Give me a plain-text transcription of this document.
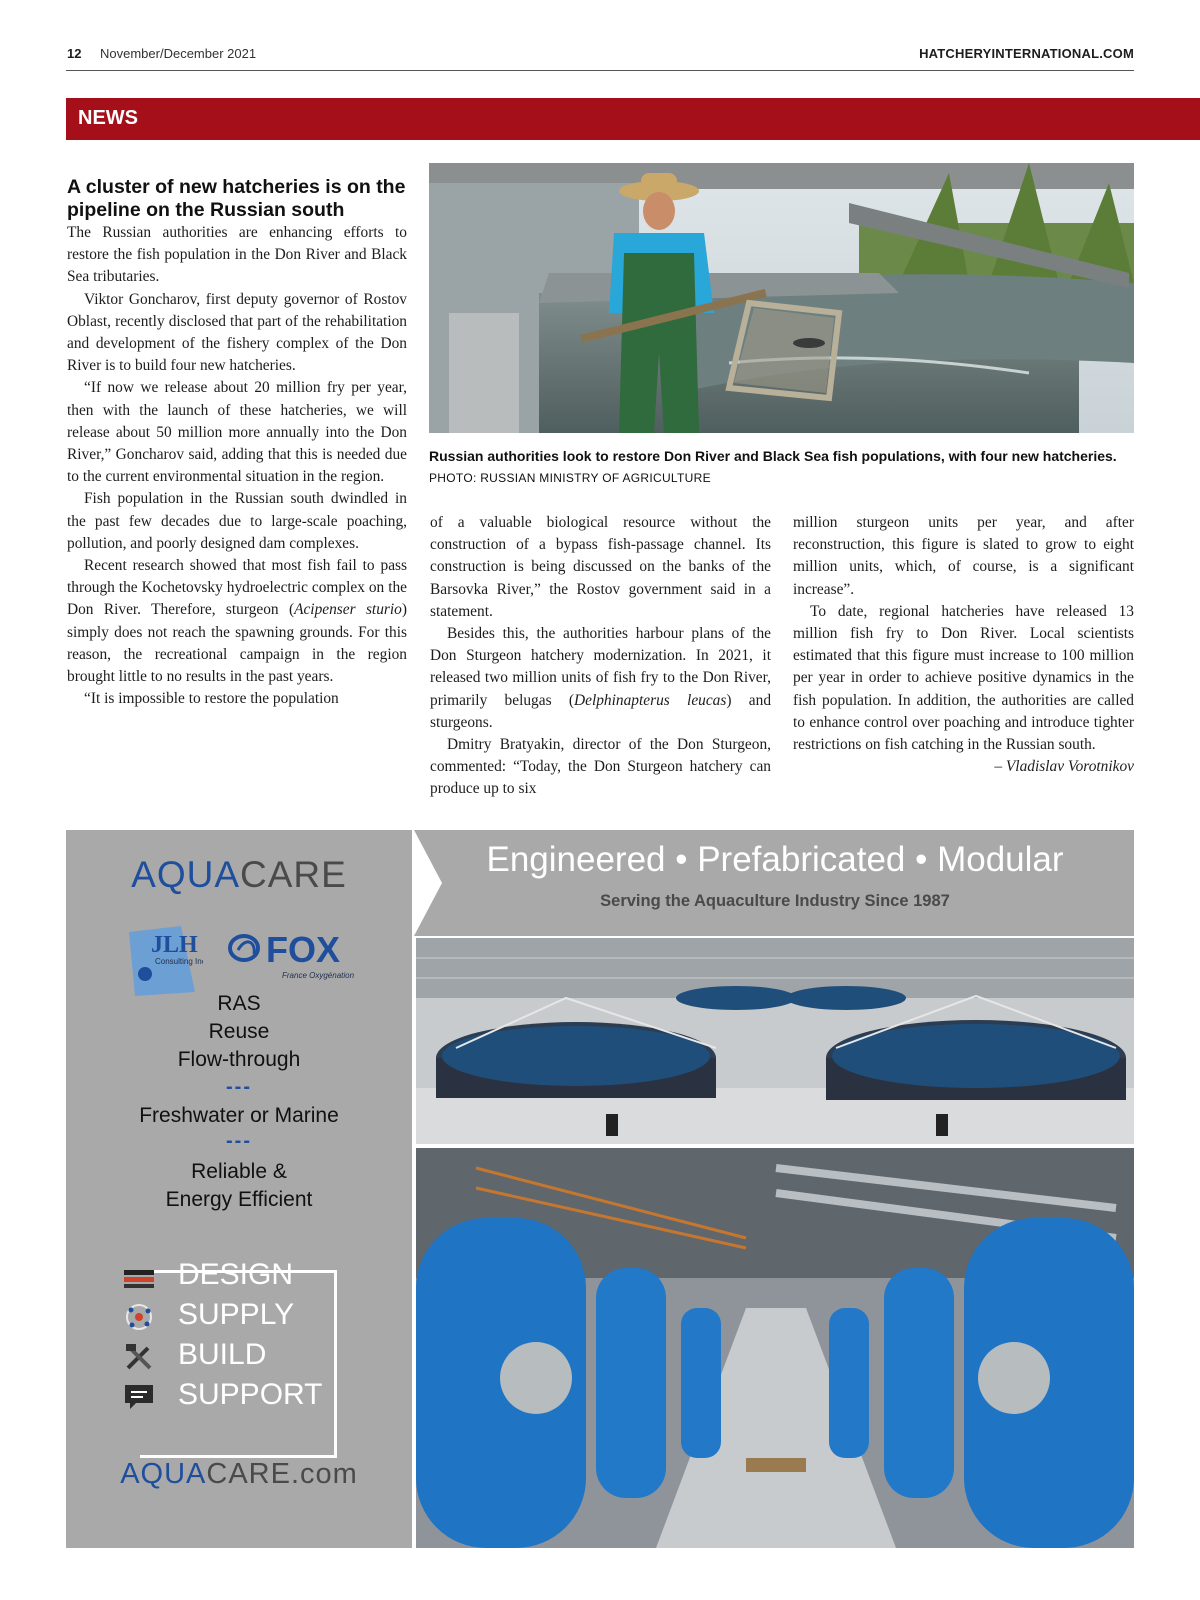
12 November/December 2021	HATCHERYINTERNATIONAL.COM
NEWS
A cluster of new hatcheries is on the pipeline on the Russian south

The Russian authorities are enhancing efforts to restore the fish population in the Don River and Black Sea tributaries.

Viktor Goncharov, first deputy governor of Rostov Oblast, recently disclosed that part of the rehabilitation and development of the fishery complex of the Don River is to build four new hatcheries.

“If now we release about 20 million fry per year, then with the launch of these hatcheries, we will release about 50 million more annually into the Don River,” Goncharov said, adding that this is needed due to the current environmental situation in the region.

Fish population in the Russian south dwindled in the past few decades due to large-scale poaching, pollution, and poorly designed dam complexes.

Recent research showed that most fish fail to pass through the Kochetovsky hydroelectric complex on the Don River. Therefore, sturgeon (Acipenser sturio) simply does not reach the spawning grounds. For this reason, the recreational campaign in the region brought little to no results in the past years.

“It is impossible to restore the population

of a valuable biological resource without the construction of a bypass fish-passage channel. Its construction is being discussed on the banks of the Barsovka River,” the Rostov government said in a statement.

Besides this, the authorities harbour plans of the Don Sturgeon hatchery modernization. In 2021, it released two million units of fish fry to the Don River, primarily belugas (Delphinapterus leucas) and sturgeons.

Dmitry Bratyakin, director of the Don Sturgeon, commented: “Today, the Don Sturgeon hatchery can produce up to six

million sturgeon units per year, and after reconstruction, this figure is slated to grow to eight million units, which, of course, is a significant increase”.

To date, regional hatcheries have released 13 million fish fry to Don River. Local scientists estimated that this figure must increase to 100 million per year in order to achieve positive dynamics in the fish population. In addition, the authorities are called to enhance control over poaching and introduce tighter restrictions on fish catching in the Russian south.

– Vladislav Vorotnikov

Russian authorities look to restore Don River and Black Sea fish populations, with four new hatcheries. PHOTO: RUSSIAN MINISTRY OF AGRICULTURE
Engineered • Prefabricated • Modular
Serving the Aquaculture Industry Since 1987
AQUACARE
JLH
Consulting Inc. FOX
France Oxygénation
RAS
Reuse
Flow-through
---
Freshwater or Marine
---
Reliable &
Energy Efficient
DESIGN
SUPPLY
BUILD
SUPPORT
AQUACARE.com
